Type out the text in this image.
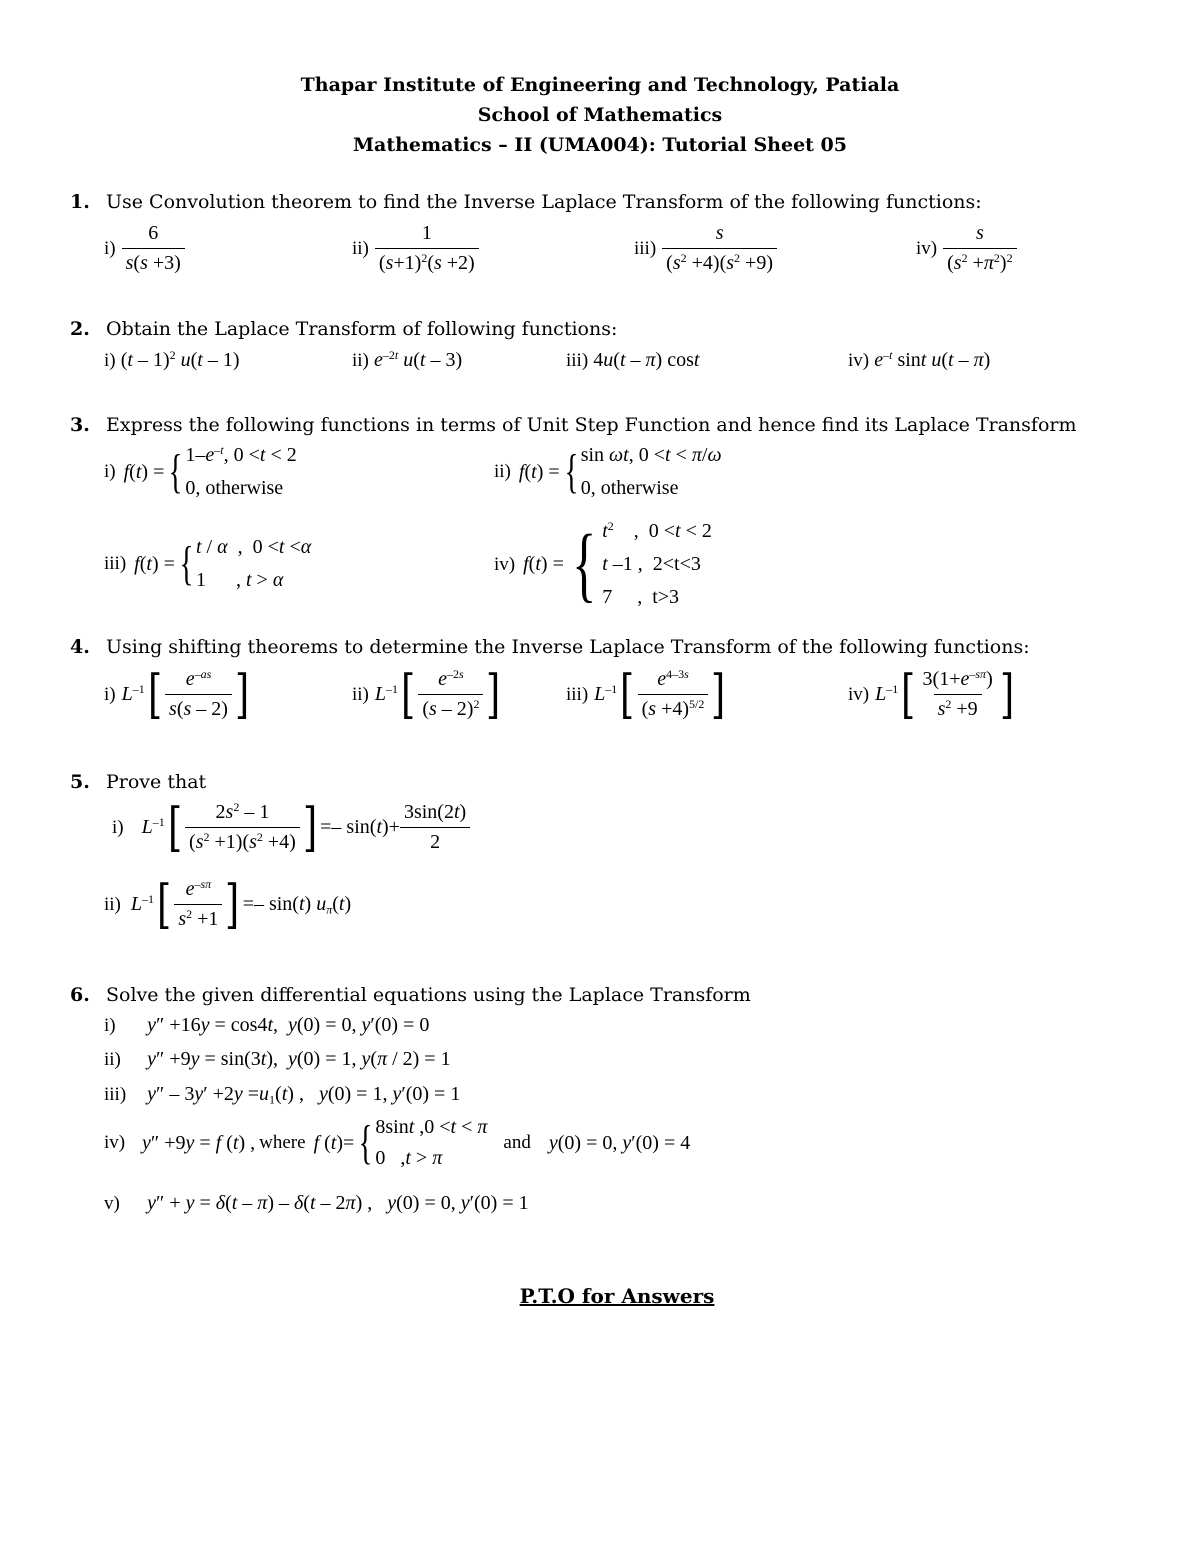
Thapar Institute of Engineering and Technology, Patiala
School of Mathematics
Mathematics – II (UMA004): Tutorial Sheet 05
1. Use Convolution theorem to find the Inverse Laplace Transform of the following functions:
$i) \frac{6}{s(s +3)}$	$ii) \frac{1}{(s+1)^2(s +2)}$	$iii) \frac{s}{(s^2 +4)(s^2 +9)}$	$iv) \frac{s}{(s^2 +\pi^2)^2}$
2. Obtain the Laplace Transform of following functions:
i) (t – 1)$^2$ u(t – 1)	ii) $e^{-2t}$ u(t – 3)	iii) 4u(t – π) cost	iv) $e^{-t}$ sint u(t – π)
3. Express the following functions in terms of Unit Step Function and hence find its Laplace Transform
i) f(t) = { $1-e^{-t}$, 0 <t < 2
0, otherwise
ii) f(t) = { sin ωt, 0 <t < π/ω
0, otherwise
iii) f(t) = { t / α  ,  0 <t <α
1      , t > α
iv) f(t) = { $t^2$    ,  0 <t < 2
t –1 ,  2<t<3
7     ,  t>3
4. Using shifting theorems to determine the Inverse Laplace Transform of the following functions:
i) $L^{-1}$ [ $\frac{e^{-as}}{s(s - 2)}$ ]	ii) $L^{-1}$ [ $\frac{e^{-2s}}{(s - 2)^2}$ ]	iii) $L^{-1}$ [ $\frac{e^{4-3s}}{(s +4)^{5/2}}$ ]	iv) $L^{-1}$ [ $\frac{3(1+e^{-s\pi})}{s^2 +9}$ ]
5. Prove that
i) $L^{-1}$ [ $\frac{2s^2 - 1}{(s^2 +1)(s^2 +4)}$ ] =– $\sin(t)+ \frac{3\sin(2t)}{2}$
ii) $L^{-1}$ [ $\frac{e^{-s\pi}}{s^2 +1}$ ] =– sin(t) $u_\pi(t)$
6. Solve the given differential equations using the Laplace Transform
i) y″ +16y = cos4t,  y(0) = 0, y′(0) = 0
ii) y″ +9y = sin(3t),  y(0) = 1, y(π / 2) = 1
iii) $y'' - 3y' +2y =u_1(t)$ ,   y(0) = 1, y′(0) = 1
iv) y″ +9y = f (t) , where f (t)= { 8sint ,0 <t < π
0   ,t > π
and y(0) = 0, y′(0) = 4
v) y″ + y = δ(t – π) – δ(t – 2π) ,   y(0) = 0, y′(0) = 1
P.T.O for Answers
